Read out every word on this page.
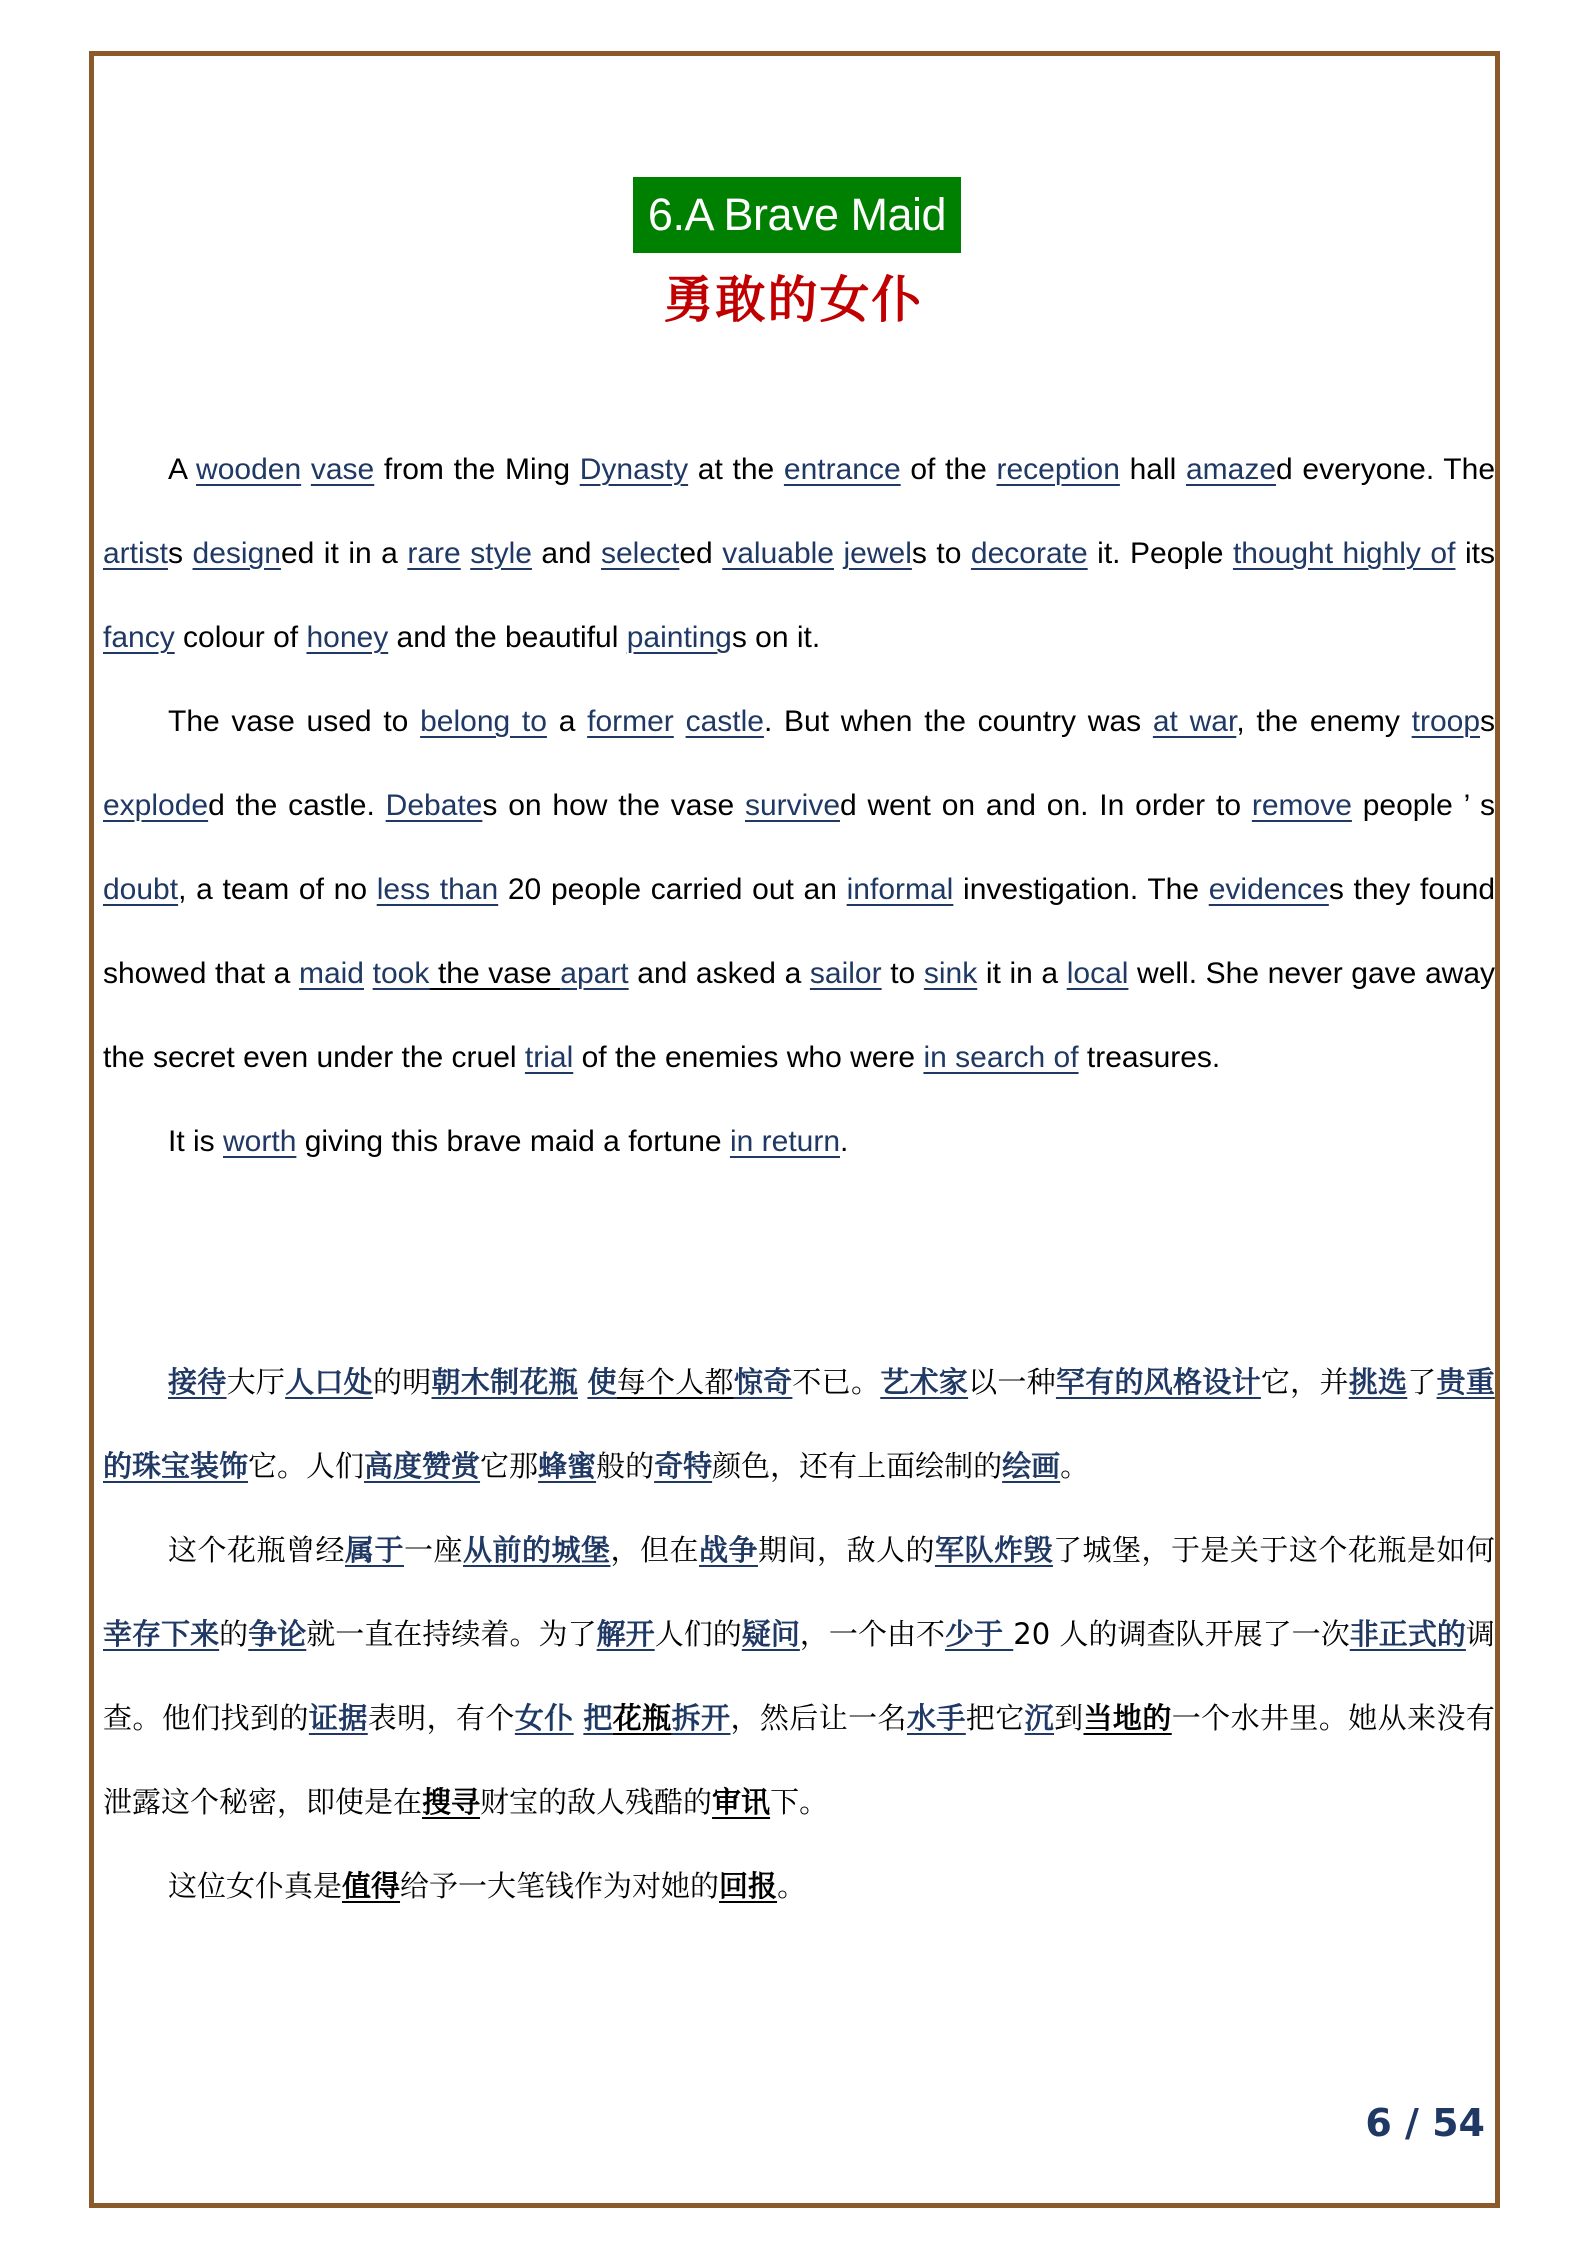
6.A Brave Maid
勇敢的女仆

A wooden vase from the Ming Dynasty at the entrance of the reception hall amazed everyone. The artists designed it in a rare style and selected valuable jewels to decorate it. People thought highly of its fancy colour of honey and the beautiful paintings on it.

The vase used to belong to a former castle. But when the country was at war, the enemy troops exploded the castle. Debates on how the vase survived went on and on. In order to remove people ’ s doubt, a team of no less than 20 people carried out an informal investigation. The evidences they found showed that a maid took the vase apart and asked a sailor to sink it in a local well. She never gave away the secret even under the cruel trial of the enemies who were in search of treasures.

It is worth giving this brave maid a fortune in return.

接待大厅人口处的明朝木制花瓶 使每个人都惊奇不已。艺术家以一种罕有的风格设计它，并挑选了贵重的珠宝装饰它。人们高度赞赏它那蜂蜜般的奇特颜色，还有上面绘制的绘画。

这个花瓶曾经属于一座从前的城堡，但在战争期间，敌人的军队炸毁了城堡，于是关于这个花瓶是如何幸存下来的争论就一直在持续着。为了解开人们的疑问，一个由不少于 20 人的调查队开展了一次非正式的调查。他们找到的证据表明，有个女仆 把花瓶拆开，然后让一名水手把它沉到当地的一个水井里。她从来没有泄露这个秘密，即使是在搜寻财宝的敌人残酷的审讯下。

这位女仆真是值得给予一大笔钱作为对她的回报。

6 / 54
